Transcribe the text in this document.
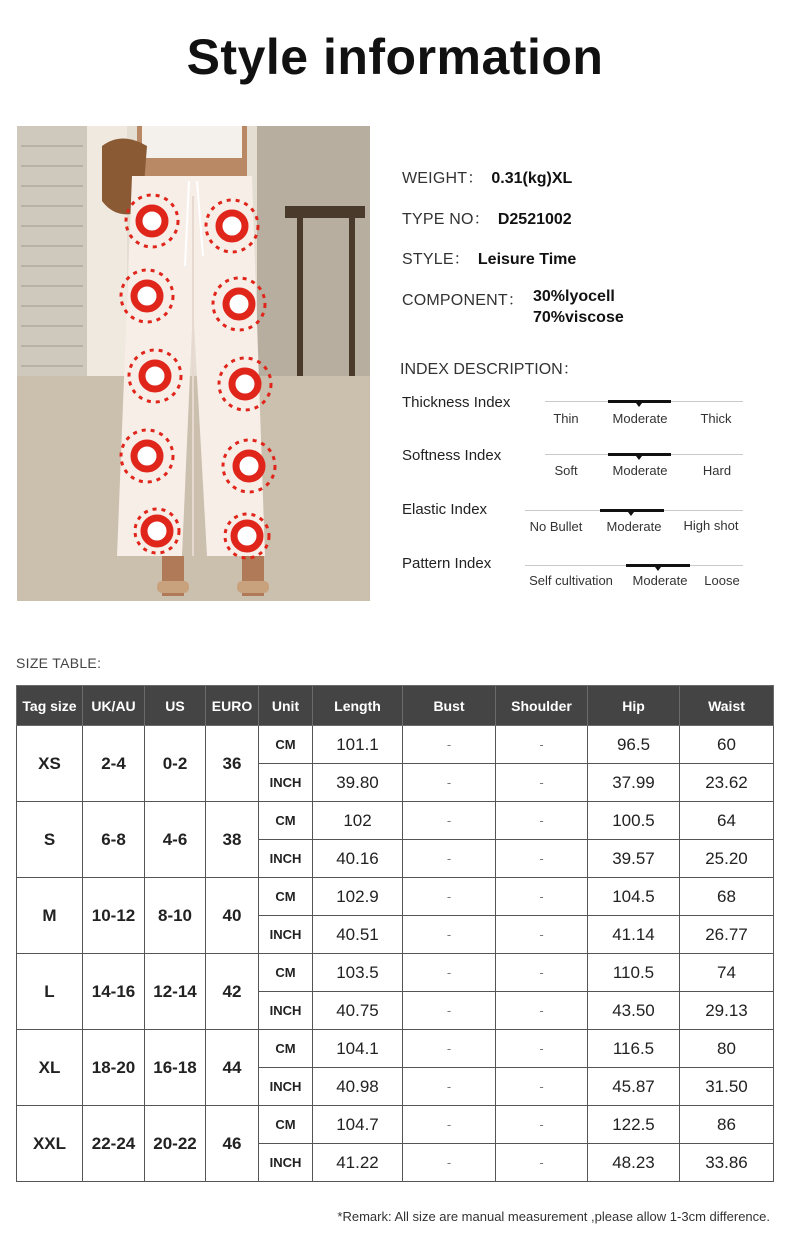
Style information
WEIGHT： 0.31(kg)XL
TYPE NO： D2521002
STYLE： Leisure Time
COMPONENT： 30%lyocell
70%viscose
INDEX DESCRIPTION：
Thickness Index
Thin	Moderate	Thick
Softness Index
Soft	Moderate	Hard
Elastic Index
No Bullet	Moderate	High shot
Pattern Index
Self cultivation	Moderate	Loose
SIZE TABLE:
Tag size	UK/AU	US	EURO	Unit	Length	Bust	Shoulder	Hip	Waist
XS	2-4	0-2	36	CM	101.1	-	-	96.5	60
				INCH	39.80	-	-	37.99	23.62
S	6-8	4-6	38	CM	102	-	-	100.5	64
				INCH	40.16	-	-	39.57	25.20
M	10-12	8-10	40	CM	102.9	-	-	104.5	68
				INCH	40.51	-	-	41.14	26.77
L	14-16	12-14	42	CM	103.5	-	-	110.5	74
				INCH	40.75	-	-	43.50	29.13
XL	18-20	16-18	44	CM	104.1	-	-	116.5	80
				INCH	40.98	-	-	45.87	31.50
XXL	22-24	20-22	46	CM	104.7	-	-	122.5	86
				INCH	41.22	-	-	48.23	33.86
*Remark: All size are manual measurement ,please allow 1-3cm difference.
